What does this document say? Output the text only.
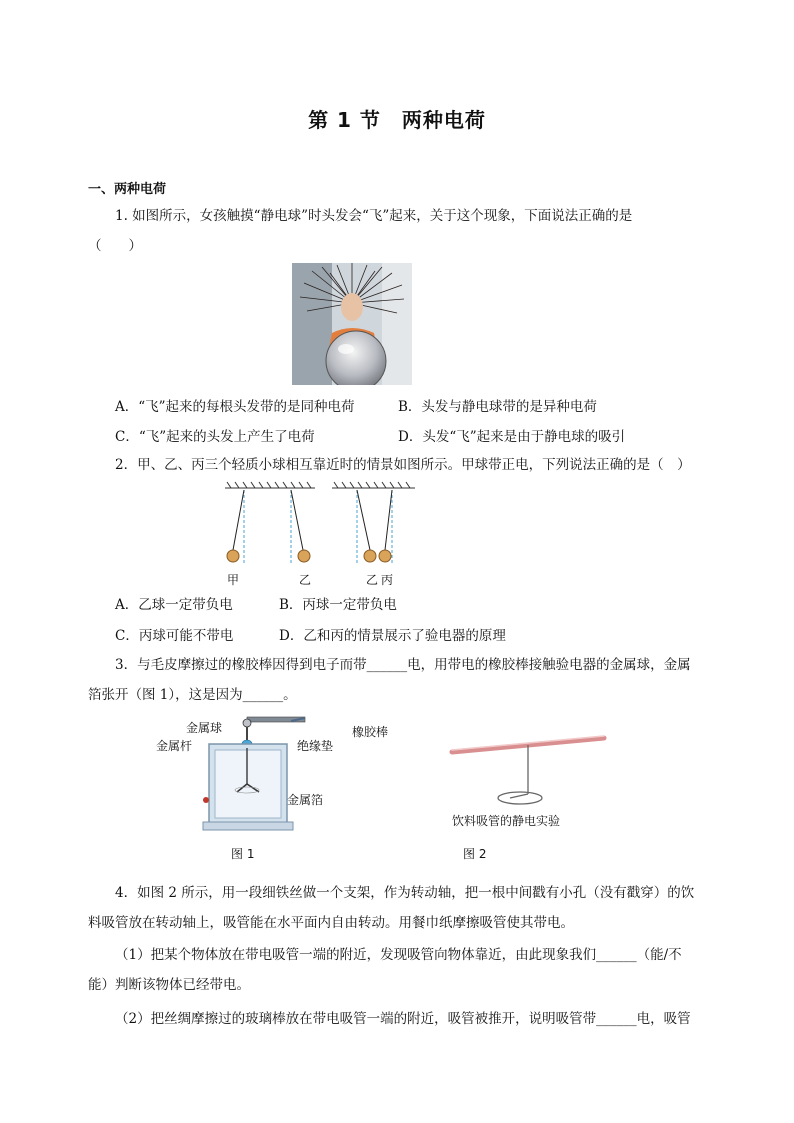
第 1 节　两种电荷
一、两种电荷
1. 如图所示，女孩触摸“静电球”时头发会“飞”起来，关于这个现象，下面说法正确的是
（　　）
A．“飞”起来的每根头发带的是同种电荷	B．头发与静电球带的是异种电荷
C．“飞”起来的头发上产生了电荷	D．头发“飞”起来是由于静电球的吸引
2．甲、乙、丙三个轻质小球相互靠近时的情景如图所示。甲球带正电，下列说法正确的是（　）
甲	乙	乙 丙
A．乙球一定带负电	B．丙球一定带负电
C．丙球可能不带电	D．乙和丙的情景展示了验电器的原理
3．与毛皮摩擦过的橡胶棒因得到电子而带______电，用带电的橡胶棒接触验电器的金属球，金属
箔张开（图 1），这是因为______。
金属球
金属杆
橡胶棒
绝缘垫
金属箔
图 1
饮料吸管的静电实验
图 2
4．如图 2 所示，用一段细铁丝做一个支架，作为转动轴，把一根中间戳有小孔（没有戳穿）的饮
料吸管放在转动轴上，吸管能在水平面内自由转动。用餐巾纸摩擦吸管使其带电。
（1）把某个物体放在带电吸管一端的附近，发现吸管向物体靠近，由此现象我们______（能/不
能）判断该物体已经带电。
（2）把丝绸摩擦过的玻璃棒放在带电吸管一端的附近，吸管被推开，说明吸管带______电，吸管
